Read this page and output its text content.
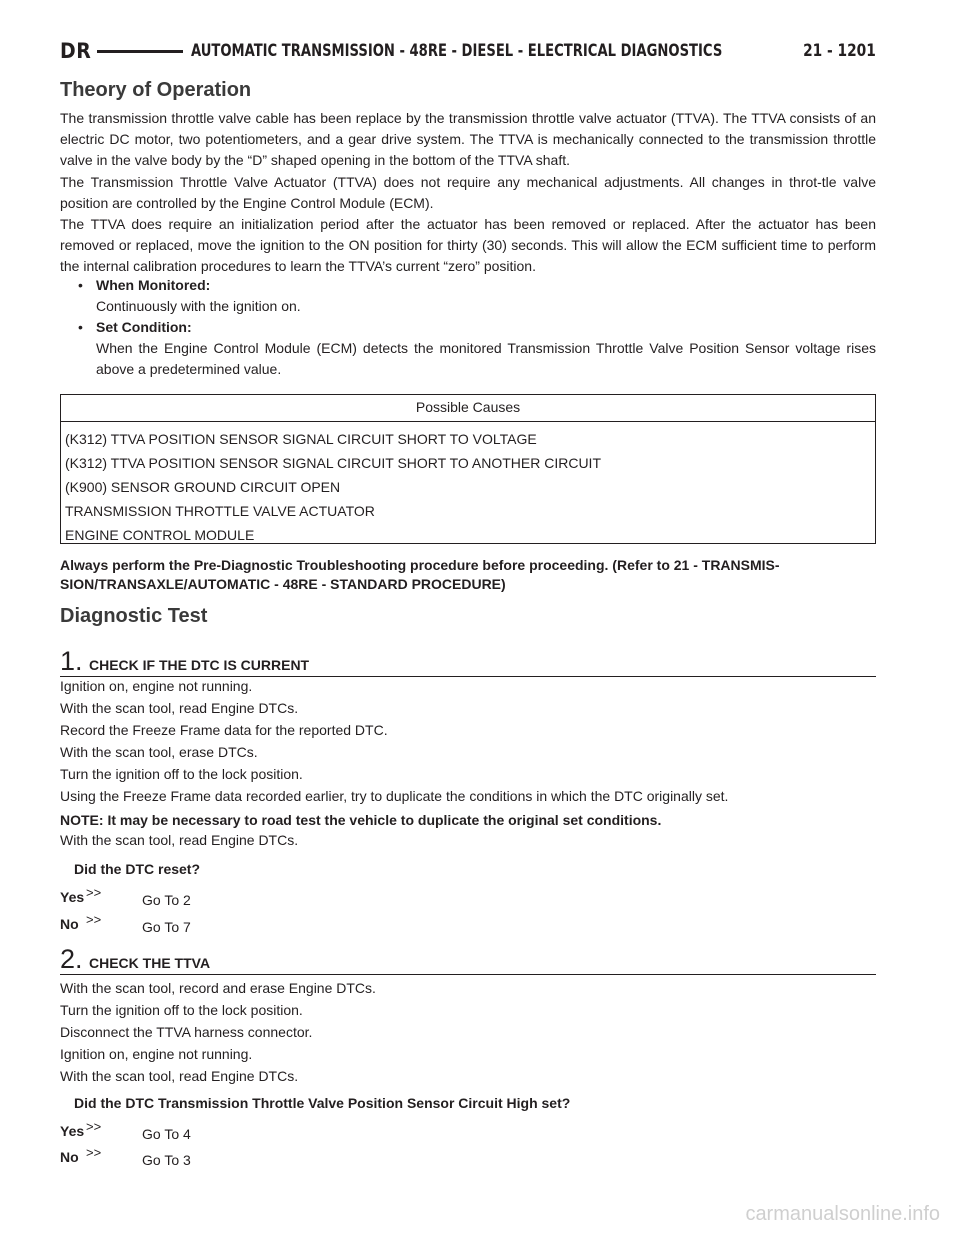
DR	AUTOMATIC TRANSMISSION - 48RE - DIESEL - ELECTRICAL DIAGNOSTICS	21 - 1201
Theory of Operation
The transmission throttle valve cable has been replace by the transmission throttle valve actuator (TTVA). The TTVA consists of an electric DC motor, two potentiometers, and a gear drive system. The TTVA is mechanically connected to the transmission throttle valve in the valve body by the “D” shaped opening in the bottom of the TTVA shaft.
The Transmission Throttle Valve Actuator (TTVA) does not require any mechanical adjustments. All changes in throt-tle valve position are controlled by the Engine Control Module (ECM).
The TTVA does require an initialization period after the actuator has been removed or replaced. After the actuator has been removed or replaced, move the ignition to the ON position for thirty (30) seconds. This will allow the ECM sufficient time to perform the internal calibration procedures to learn the TTVA’s current “zero” position.
• When Monitored:
Continuously with the ignition on.
• Set Condition:
When the Engine Control Module (ECM) detects the monitored Transmission Throttle Valve Position Sensor voltage rises above a predetermined value.
Possible Causes
(K312) TTVA POSITION SENSOR SIGNAL CIRCUIT SHORT TO VOLTAGE
(K312) TTVA POSITION SENSOR SIGNAL CIRCUIT SHORT TO ANOTHER CIRCUIT
(K900) SENSOR GROUND CIRCUIT OPEN
TRANSMISSION THROTTLE VALVE ACTUATOR
ENGINE CONTROL MODULE
Always perform the Pre-Diagnostic Troubleshooting procedure before proceeding. (Refer to 21 - TRANSMIS-SION/TRANSAXLE/AUTOMATIC - 48RE - STANDARD PROCEDURE)
Diagnostic Test
1. CHECK IF THE DTC IS CURRENT
Ignition on, engine not running.
With the scan tool, read Engine DTCs.
Record the Freeze Frame data for the reported DTC.
With the scan tool, erase DTCs.
Turn the ignition off to the lock position.
Using the Freeze Frame data recorded earlier, try to duplicate the conditions in which the DTC originally set.
NOTE: It may be necessary to road test the vehicle to duplicate the original set conditions.
With the scan tool, read Engine DTCs.
Did the DTC reset?
Yes >>	Go To 2
No >>	Go To 7
2. CHECK THE TTVA
With the scan tool, record and erase Engine DTCs.
Turn the ignition off to the lock position.
Disconnect the TTVA harness connector.
Ignition on, engine not running.
With the scan tool, read Engine DTCs.
Did the DTC Transmission Throttle Valve Position Sensor Circuit High set?
Yes >>	Go To 4
No >>	Go To 3
carmanualsonline.info
